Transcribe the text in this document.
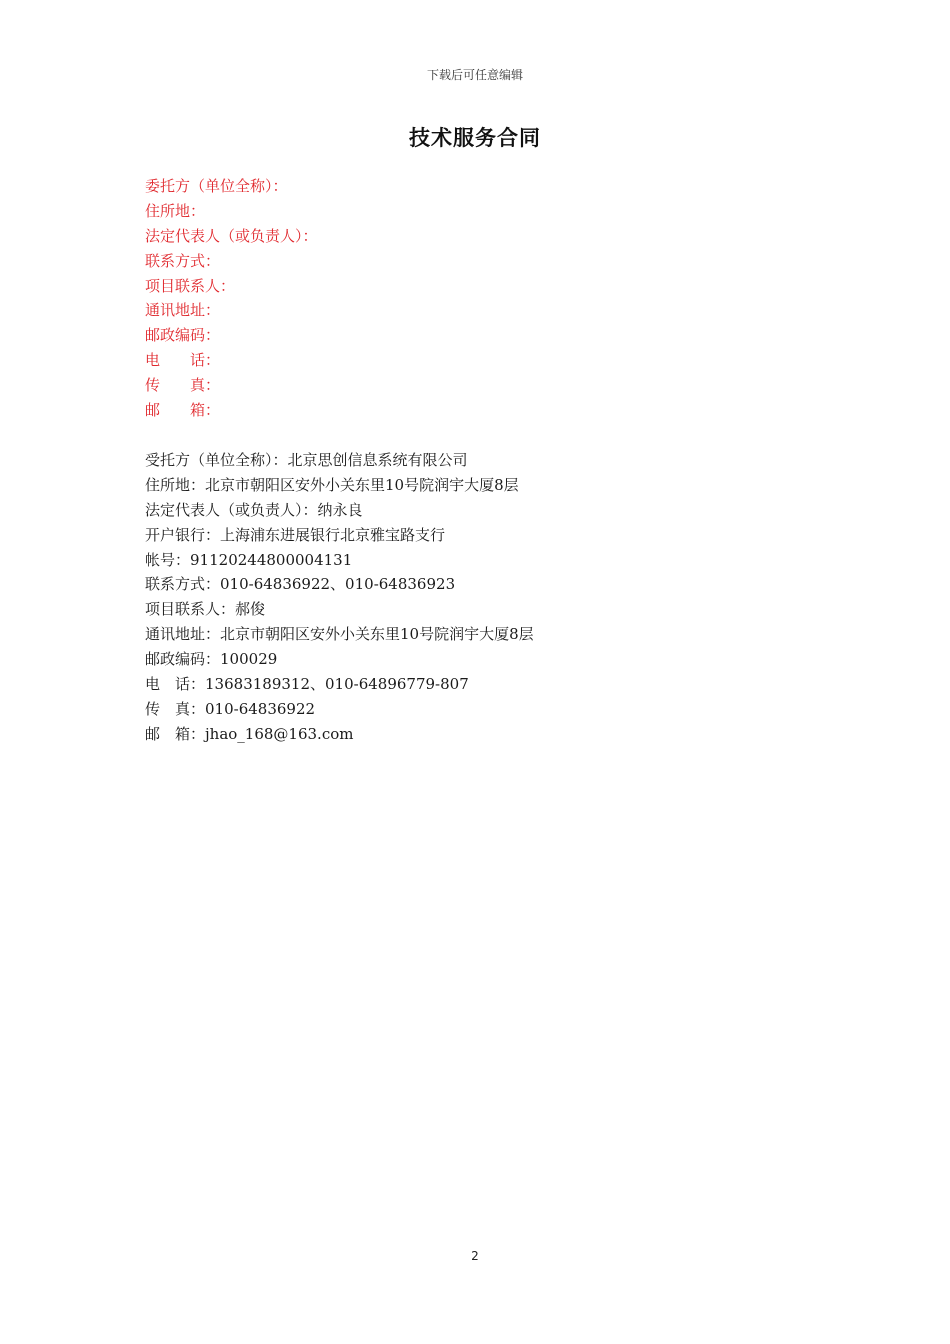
下载后可任意编辑
技术服务合同
委托方（单位全称）：
住所地：
法定代表人（或负责人）：
联系方式：
项目联系人：
通讯地址：
邮政编码：
电　　话：
传　　真：
邮　　箱：
受托方（单位全称）：北京思创信息系统有限公司
住所地：北京市朝阳区安外小关东里10号院润宇大厦8层
法定代表人（或负责人）：纳永良
开户银行：上海浦东进展银行北京雅宝路支行
帐号：91120244800004131
联系方式：010-64836922、010-64836923
项目联系人：郝俊
通讯地址：北京市朝阳区安外小关东里10号院润宇大厦8层
邮政编码：100029
电　话：13683189312、010-64896779-807
传　真：010-64836922
邮　箱：jhao_168@163.com
2
